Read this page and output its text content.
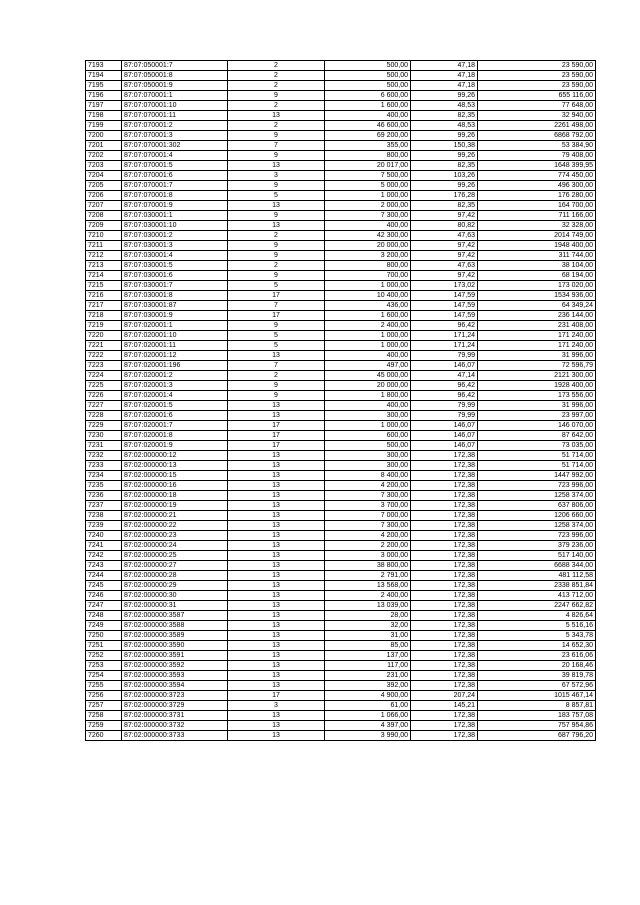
7193	87:07:050001:7	2	500,00	47,18	23 590,00
7194	87:07:050001:8	2	500,00	47,18	23 590,00
7195	87:07:050001:9	2	500,00	47,18	23 590,00
7196	87:07:070001:1	9	6 600,00	99,26	655 116,00
7197	87:07:070001:10	2	1 600,00	48,53	77 648,00
7198	87:07:070001:11	13	400,00	82,35	32 940,00
7199	87:07:070001:2	2	46 600,00	48,53	2261 498,00
7200	87:07:070001:3	9	69 200,00	99,26	6868 792,00
7201	87:07:070001:302	7	355,00	150,38	53 384,90
7202	87:07:070001:4	9	800,00	99,26	79 408,00
7203	87:07:070001:5	13	20 017,00	82,35	1648 399,95
7204	87:07:070001:6	3	7 500,00	103,26	774 450,00
7205	87:07:070001:7	9	5 000,00	99,26	496 300,00
7206	87:07:070001:8	5	1 000,00	176,28	176 280,00
7207	87:07:070001:9	13	2 000,00	82,35	164 700,00
7208	87:07:030001:1	9	7 300,00	97,42	711 166,00
7209	87:07:030001:10	13	400,00	80,82	32 328,00
7210	87:07:030001:2	2	42 300,00	47,63	2014 749,00
7211	87:07:030001:3	9	20 000,00	97,42	1948 400,00
7212	87:07:030001:4	9	3 200,00	97,42	311 744,00
7213	87:07:030001:5	2	800,00	47,63	38 104,00
7214	87:07:030001:6	9	700,00	97,42	68 194,00
7215	87:07:030001:7	5	1 000,00	173,02	173 020,00
7216	87:07:030001:8	17	10 400,00	147,59	1534 936,00
7217	87:07:030001:87	7	436,00	147,59	64 349,24
7218	87:07:030001:9	17	1 600,00	147,59	236 144,00
7219	87:07:020001:1	9	2 400,00	96,42	231 408,00
7220	87:07:020001:10	5	1 000,00	171,24	171 240,00
7221	87:07:020001:11	5	1 000,00	171,24	171 240,00
7222	87:07:020001:12	13	400,00	79,99	31 996,00
7223	87:07:020001:196	7	497,00	146,07	72 596,79
7224	87:07:020001:2	2	45 000,00	47,14	2121 300,00
7225	87:07:020001:3	9	20 000,00	96,42	1928 400,00
7226	87:07:020001:4	9	1 800,00	96,42	173 556,00
7227	87:07:020001:5	13	400,00	79,99	31 996,00
7228	87:07:020001:6	13	300,00	79,99	23 997,00
7229	87:07:020001:7	17	1 000,00	146,07	146 070,00
7230	87:07:020001:8	17	600,00	146,07	87 642,00
7231	87:07:020001:9	17	500,00	146,07	73 035,00
7232	87:02:000000:12	13	300,00	172,38	51 714,00
7233	87:02:000000:13	13	300,00	172,38	51 714,00
7234	87:02:000000:15	13	8 400,00	172,38	1447 992,00
7235	87:02:000000:16	13	4 200,00	172,38	723 996,00
7236	87:02:000000:18	13	7 300,00	172,38	1258 374,00
7237	87:02:000000:19	13	3 700,00	172,38	637 806,00
7238	87:02:000000:21	13	7 000,00	172,38	1206 660,00
7239	87:02:000000:22	13	7 300,00	172,38	1258 374,00
7240	87:02:000000:23	13	4 200,00	172,38	723 996,00
7241	87:02:000000:24	13	2 200,00	172,38	379 236,00
7242	87:02:000000:25	13	3 000,00	172,38	517 140,00
7243	87:02:000000:27	13	38 800,00	172,38	6688 344,00
7244	87:02:000000:28	13	2 791,00	172,38	481 112,58
7245	87:02:000000:29	13	13 568,00	172,38	2338 851,84
7246	87:02:000000:30	13	2 400,00	172,38	413 712,00
7247	87:02:000000:31	13	13 039,00	172,38	2247 662,82
7248	87:02:000000:3587	13	28,00	172,38	4 826,64
7249	87:02:000000:3588	13	32,00	172,38	5 516,16
7250	87:02:000000:3589	13	31,00	172,38	5 343,78
7251	87:02:000000:3590	13	85,00	172,38	14 652,30
7252	87:02:000000:3591	13	137,00	172,38	23 616,06
7253	87:02:000000:3592	13	117,00	172,38	20 168,46
7254	87:02:000000:3593	13	231,00	172,38	39 819,78
7255	87:02:000000:3594	13	392,00	172,38	67 572,96
7256	87:02:000000:3723	17	4 900,00	207,24	1015 467,14
7257	87:02:000000:3729	3	61,00	145,21	8 857,81
7258	87:02:000000:3731	13	1 066,00	172,38	183 757,08
7259	87:02:000000:3732	13	4 397,00	172,38	757 954,86
7260	87:02:000000:3733	13	3 990,00	172,38	687 796,20
